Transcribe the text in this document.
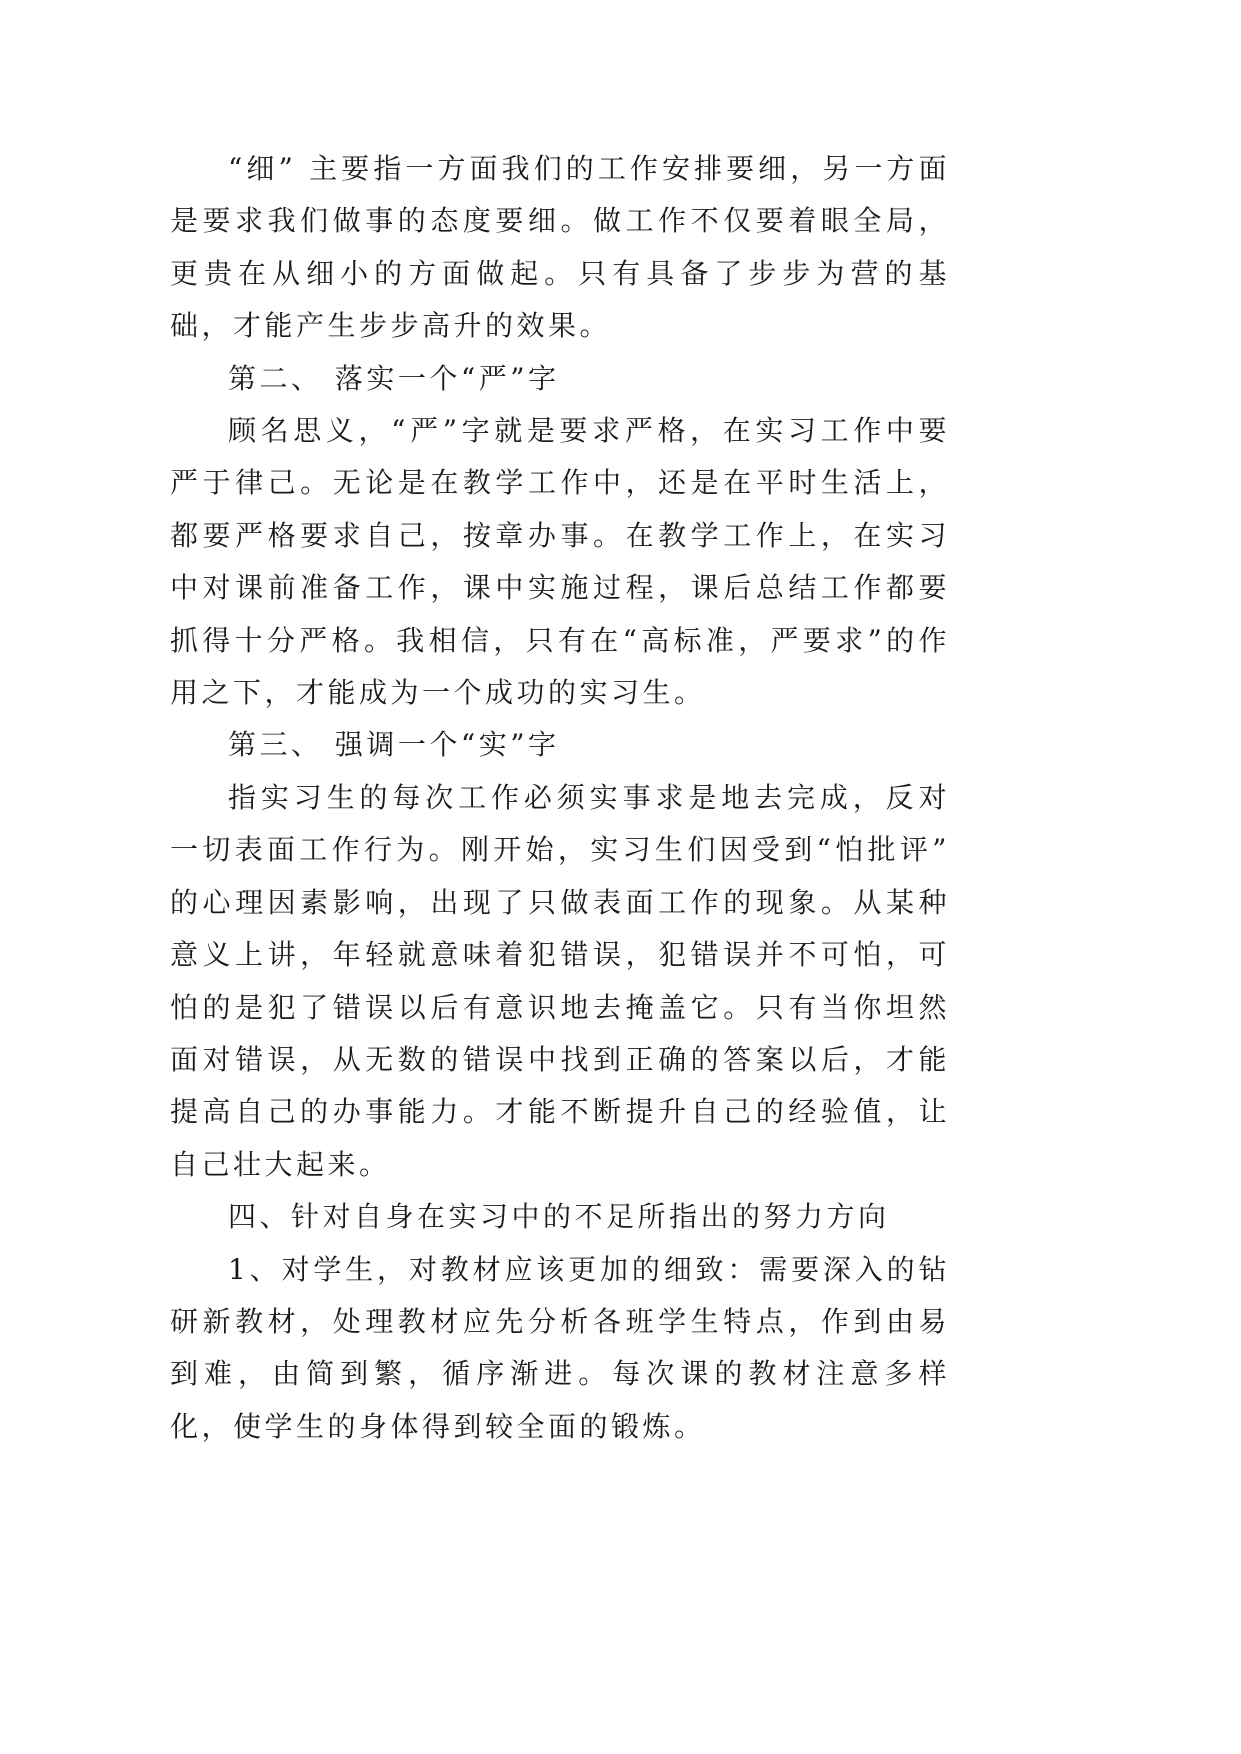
“细” 主要指一方面我们的工作安排要细，另一方面是要求我们做事的态度要细。做工作不仅要着眼全局，更贵在从细小的方面做起。只有具备了步步为营的基础，才能产生步步高升的效果。

第二、 落实一个“严”字

顾名思义，“严”字就是要求严格，在实习工作中要严于律己。无论是在教学工作中，还是在平时生活上，都要严格要求自己，按章办事。在教学工作上，在实习中对课前准备工作，课中实施过程，课后总结工作都要抓得十分严格。我相信，只有在“高标准，严要求”的作用之下，才能成为一个成功的实习生。

第三、 强调一个“实”字

指实习生的每次工作必须实事求是地去完成，反对一切表面工作行为。刚开始，实习生们因受到“怕批评” 的心理因素影响，出现了只做表面工作的现象。从某种意义上讲，年轻就意味着犯错误，犯错误并不可怕，可怕的是犯了错误以后有意识地去掩盖它。只有当你坦然面对错误，从无数的错误中找到正确的答案以后，才能提高自己的办事能力。才能不断提升自己的经验值，让自己壮大起来。

四、针对自身在实习中的不足所指出的努力方向

1、对学生，对教材应该更加的细致：需要深入的钻研新教材，处理教材应先分析各班学生特点，作到由易到难，由简到繁，循序渐进。每次课的教材注意多样化，使学生的身体得到较全面的锻炼。
